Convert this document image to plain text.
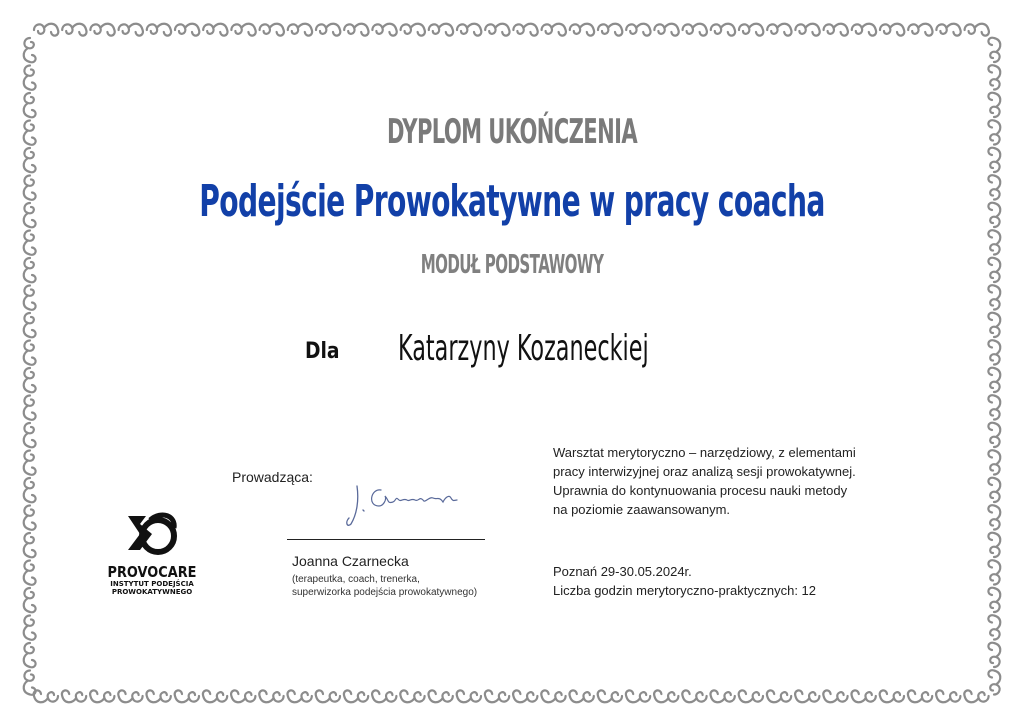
DYPLOM UKOŃCZENIA
Podejście Prowokatywne w pracy coacha
MODUŁ PODSTAWOWY
Dla Katarzyny Kozaneckiej
PROVOCARE
INSTYTUT PODEJŚCIA
PROWOKATYWNEGO
Prowadząca:
Joanna Czarnecka
(terapeutka, coach, trenerka,
superwizorka podejścia prowokatywnego)
Warsztat merytoryczno – narzędziowy, z elementami
pracy interwizyjnej oraz analizą sesji prowokatywnej.
Uprawnia do kontynuowania procesu nauki metody
na poziomie zaawansowanym.
Poznań 29-30.05.2024r.
Liczba godzin merytoryczno-praktycznych: 12
